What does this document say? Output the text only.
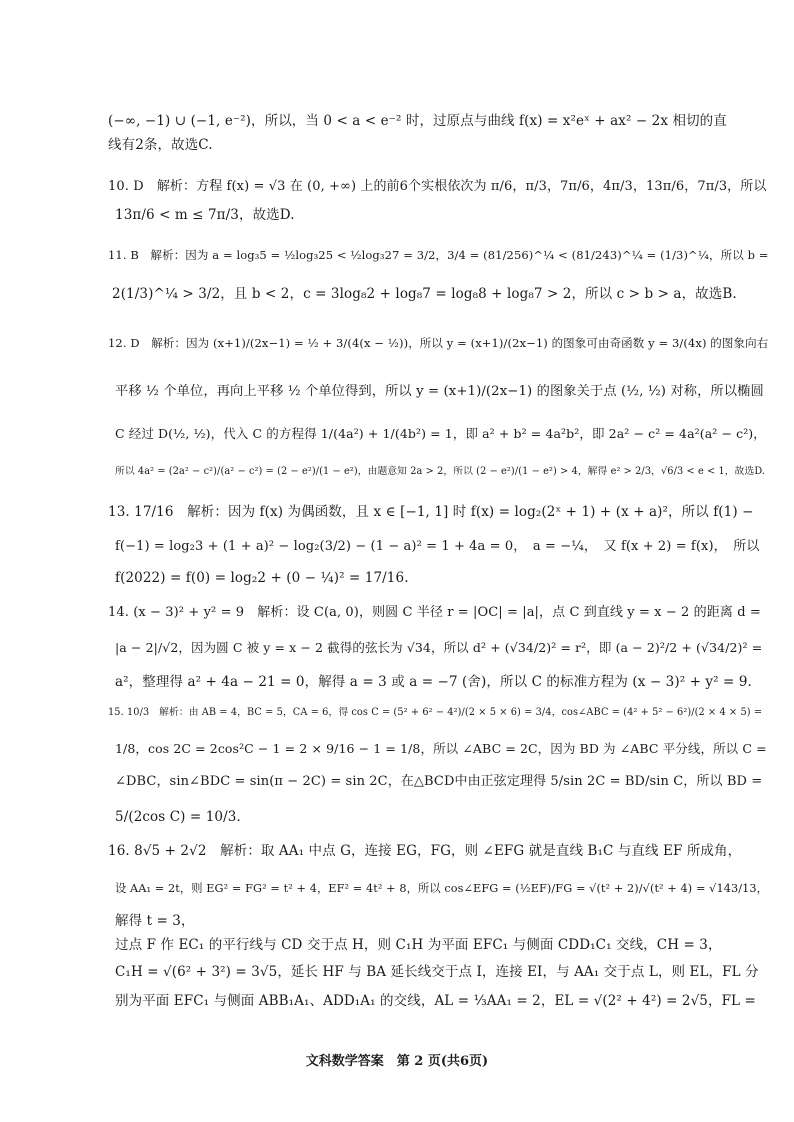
(−∞, −1) ∪ (−1, e⁻²)，所以，当 0 < a < e⁻² 时，过原点与曲线 f(x) = x²eˣ + ax² − 2x 相切的直
线有2条，故选C.
10. D　解析：方程 f(x) = √3 在 (0, +∞) 上的前6个实根依次为 π/6，π/3，7π/6，4π/3，13π/6，7π/3，所以
13π/6 < m ≤ 7π/3，故选D.
11. B　解析：因为 a = log₃5 = ½log₃25 < ½log₃27 = 3/2，3/4 = (81/256)^¼ < (81/243)^¼ = (1/3)^¼，所以 b =
2(1/3)^¼ > 3/2，且 b < 2，c = 3log₈2 + log₈7 = log₈8 + log₈7 > 2，所以 c > b > a，故选B.
12. D　解析：因为 (x+1)/(2x−1) = ½ + 3/(4(x − ½))，所以 y = (x+1)/(2x−1) 的图象可由奇函数 y = 3/(4x) 的图象向右
平移 ½ 个单位，再向上平移 ½ 个单位得到，所以 y = (x+1)/(2x−1) 的图象关于点 (½, ½) 对称，所以椭圆
C 经过 D(½, ½)，代入 C 的方程得 1/(4a²) + 1/(4b²) = 1，即 a² + b² = 4a²b²，即 2a² − c² = 4a²(a² − c²)，
所以 4a² = (2a² − c²)/(a² − c²) = (2 − e²)/(1 − e²)，由题意知 2a > 2，所以 (2 − e²)/(1 − e²) > 4，解得 e² > 2/3，√6/3 < e < 1，故选D.
13. 17/16　解析：因为 f(x) 为偶函数，且 x ∈ [−1, 1] 时 f(x) = log₂(2ˣ + 1) + (x + a)²，所以 f(1) −
f(−1) = log₂3 + (1 + a)² − log₂(3/2) − (1 − a)² = 1 + 4a = 0，　a = −¼，　又 f(x + 2) = f(x)，　所以
f(2022) = f(0) = log₂2 + (0 − ¼)² = 17/16.
14. (x − 3)² + y² = 9　解析：设 C(a, 0)，则圆 C 半径 r = |OC| = |a|，点 C 到直线 y = x − 2 的距离 d =
|a − 2|/√2，因为圆 C 被 y = x − 2 截得的弦长为 √34，所以 d² + (√34/2)² = r²，即 (a − 2)²/2 + (√34/2)² =
a²，整理得 a² + 4a − 21 = 0，解得 a = 3 或 a = −7 (舍)，所以 C 的标准方程为 (x − 3)² + y² = 9.
15. 10/3　解析：由 AB = 4，BC = 5，CA = 6，得 cos C = (5² + 6² − 4²)/(2 × 5 × 6) = 3/4，cos∠ABC = (4² + 5² − 6²)/(2 × 4 × 5) =
1/8，cos 2C = 2cos²C − 1 = 2 × 9/16 − 1 = 1/8，所以 ∠ABC = 2C，因为 BD 为 ∠ABC 平分线，所以 C =
∠DBC，sin∠BDC = sin(π − 2C) = sin 2C，在△BCD中由正弦定理得 5/sin 2C = BD/sin C，所以 BD =
5/(2cos C) = 10/3.
16. 8√5 + 2√2　解析：取 AA₁ 中点 G，连接 EG，FG，则 ∠EFG 就是直线 B₁C 与直线 EF 所成角，
设 AA₁ = 2t，则 EG² = FG² = t² + 4，EF² = 4t² + 8，所以 cos∠EFG = (½EF)/FG = √(t² + 2)/√(t² + 4) = √143/13，
解得 t = 3，
过点 F 作 EC₁ 的平行线与 CD 交于点 H，则 C₁H 为平面 EFC₁ 与侧面 CDD₁C₁ 交线，CH = 3，
C₁H = √(6² + 3²) = 3√5，延长 HF 与 BA 延长线交于点 I，连接 EI，与 AA₁ 交于点 L，则 EL，FL 分
别为平面 EFC₁ 与侧面 ABB₁A₁、ADD₁A₁ 的交线，AL = ⅓AA₁ = 2，EL = √(2² + 4²) = 2√5，FL =
文科数学答案　第 2 页(共6页)
